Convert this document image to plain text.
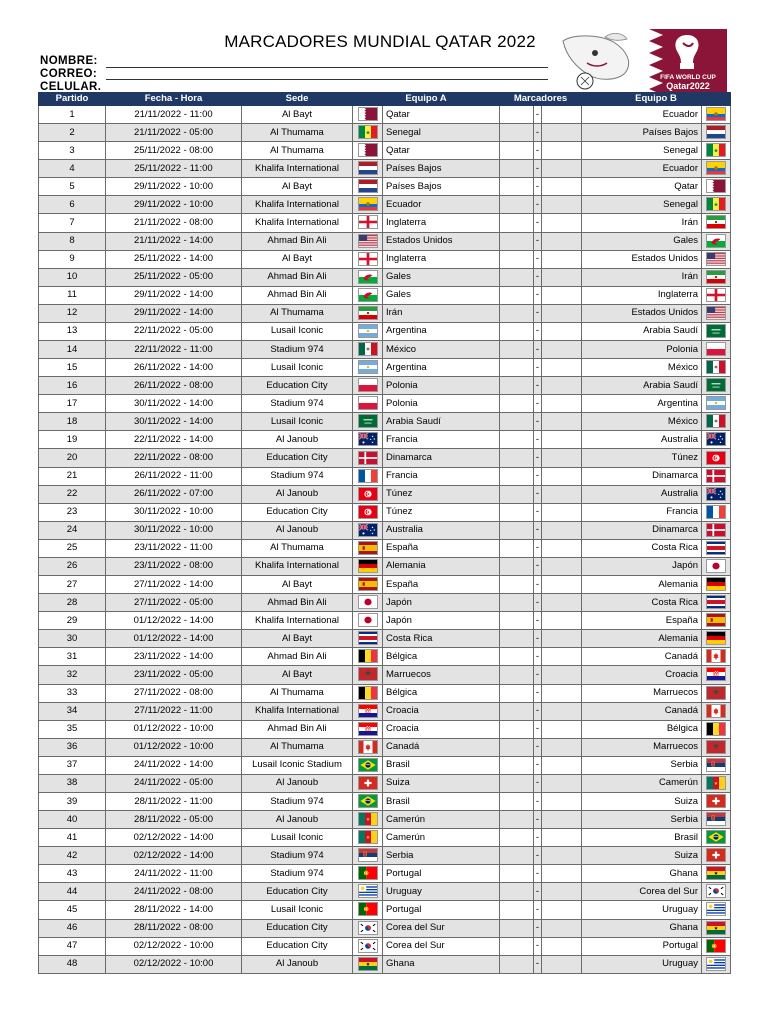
MARCADORES MUNDIAL QATAR 2022
NOMBRE:
CORREO:
CELULAR.
FIFA WORLD CUP
Qatar2022
Partido	Fecha - Hora	Sede	Equipo A		Marcadores			Equipo B	
1	21/11/2022 - 11:00	Al Bayt		Qatar		-		Ecuador	
2	21/11/2022 - 05:00	Al Thumama		Senegal		-		Países Bajos	
3	25/11/2022 - 08:00	Al Thumama		Qatar		-		Senegal	
4	25/11/2022 - 11:00	Khalifa International		Países Bajos		-		Ecuador	
5	29/11/2022 - 10:00	Al Bayt		Países Bajos		-		Qatar	
6	29/11/2022 - 10:00	Khalifa International		Ecuador		-		Senegal	
7	21/11/2022 - 08:00	Khalifa International		Inglaterra		-		Irán	
8	21/11/2022 - 14:00	Ahmad Bin Ali		Estados Unidos		-		Gales	
9	25/11/2022 - 14:00	Al Bayt		Inglaterra		-		Estados Unidos	
10	25/11/2022 - 05:00	Ahmad Bin Ali		Gales		-		Irán	
11	29/11/2022 - 14:00	Ahmad Bin Ali		Gales		-		Inglaterra	
12	29/11/2022 - 14:00	Al Thumama		Irán		-		Estados Unidos	
13	22/11/2022 - 05:00	Lusail Iconic		Argentina		-		Arabia Saudí	
14	22/11/2022 - 11:00	Stadium 974		México		-		Polonia	
15	26/11/2022 - 14:00	Lusail Iconic		Argentina		-		México	
16	26/11/2022 - 08:00	Education City		Polonia		-		Arabia Saudí	
17	30/11/2022 - 14:00	Stadium 974		Polonia		-		Argentina	
18	30/11/2022 - 14:00	Lusail Iconic		Arabia Saudí		-		México	
19	22/11/2022 - 14:00	Al Janoub		Francia		-		Australia	
20	22/11/2022 - 08:00	Education City		Dinamarca		-		Túnez	
21	26/11/2022 - 11:00	Stadium 974		Francia		-		Dinamarca	
22	26/11/2022 - 07:00	Al Janoub		Túnez		-		Australia	
23	30/11/2022 - 10:00	Education City		Túnez		-		Francia	
24	30/11/2022 - 10:00	Al Janoub		Australia		-		Dinamarca	
25	23/11/2022 - 11:00	Al Thumama		España		-		Costa Rica	
26	23/11/2022 - 08:00	Khalifa International		Alemania		-		Japón	
27	27/11/2022 - 14:00	Al Bayt		España		-		Alemania	
28	27/11/2022 - 05:00	Ahmad Bin Ali		Japón		-		Costa Rica	
29	01/12/2022 - 14:00	Khalifa International		Japón		-		España	
30	01/12/2022 - 14:00	Al Bayt		Costa Rica		-		Alemania	
31	23/11/2022 - 14:00	Ahmad Bin Ali		Bélgica		-		Canadá	
32	23/11/2022 - 05:00	Al Bayt		Marruecos		-		Croacia	
33	27/11/2022 - 08:00	Al Thumama		Bélgica		-		Marruecos	
34	27/11/2022 - 11:00	Khalifa International		Croacia		-		Canadá	
35	01/12/2022 - 10:00	Ahmad Bin Ali		Croacia		-		Bélgica	
36	01/12/2022 - 10:00	Al Thumama		Canadá		-		Marruecos	
37	24/11/2022 - 14:00	Lusail Iconic Stadium		Brasil		-		Serbia	
38	24/11/2022 - 05:00	Al Janoub		Suiza		-		Camerún	
39	28/11/2022 - 11:00	Stadium 974		Brasil		-		Suiza	
40	28/11/2022 - 05:00	Al Janoub		Camerún		-		Serbia	
41	02/12/2022 - 14:00	Lusail Iconic		Camerún		-		Brasil	
42	02/12/2022 - 14:00	Stadium 974		Serbia		-		Suiza	
43	24/11/2022 - 11:00	Stadium 974		Portugal		-		Ghana	
44	24/11/2022 - 08:00	Education City		Uruguay		-		Corea del Sur	
45	28/11/2022 - 14:00	Lusail Iconic		Portugal		-		Uruguay	
46	28/11/2022 - 08:00	Education City		Corea del Sur		-		Ghana	
47	02/12/2022 - 10:00	Education City		Corea del Sur		-		Portugal	
48	02/12/2022 - 10:00	Al Janoub		Ghana		-		Uruguay	
